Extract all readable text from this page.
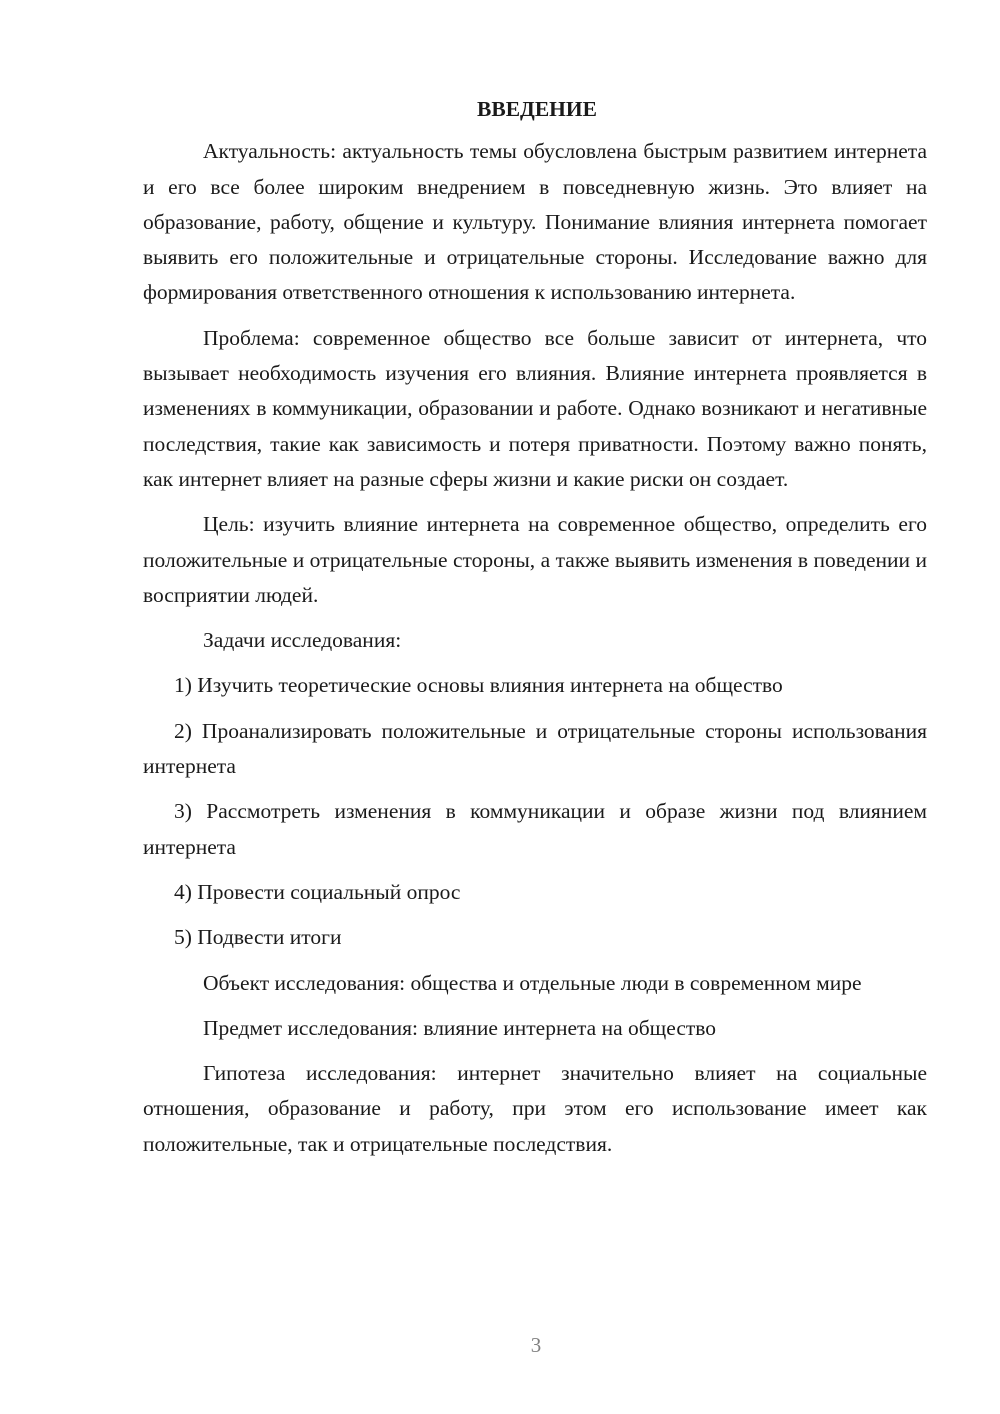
ВВЕДЕНИЕ

Актуальность: актуальность темы обусловлена быстрым развитием интернета и его все более широким внедрением в повседневную жизнь. Это влияет на образование, работу, общение и культуру. Понимание влияния интернета помогает выявить его положительные и отрицательные стороны. Исследование важно для формирования ответственного отношения к использованию интернета.

Проблема: современное общество все больше зависит от интернета, что вызывает необходимость изучения его влияния. Влияние интернета проявляется в изменениях в коммуникации, образовании и работе. Однако возникают и негативные последствия, такие как зависимость и потеря приватности. Поэтому важно понять, как интернет влияет на разные сферы жизни и какие риски он создает.

Цель: изучить влияние интернета на современное общество, определить его положительные и отрицательные стороны, а также выявить изменения в поведении и восприятии людей.

Задачи исследования:

1) Изучить теоретические основы влияния интернета на общество

2) Проанализировать положительные и отрицательные стороны использования интернета

3) Рассмотреть изменения в коммуникации и образе жизни под влиянием интернета

4) Провести социальный опрос

5) Подвести итоги

Объект исследования: общества и отдельные люди в современном мире

Предмет исследования: влияние интернета на общество

Гипотеза исследования: интернет значительно влияет на социальные отношения, образование и работу, при этом его использование имеет как положительные, так и отрицательные последствия.

3
